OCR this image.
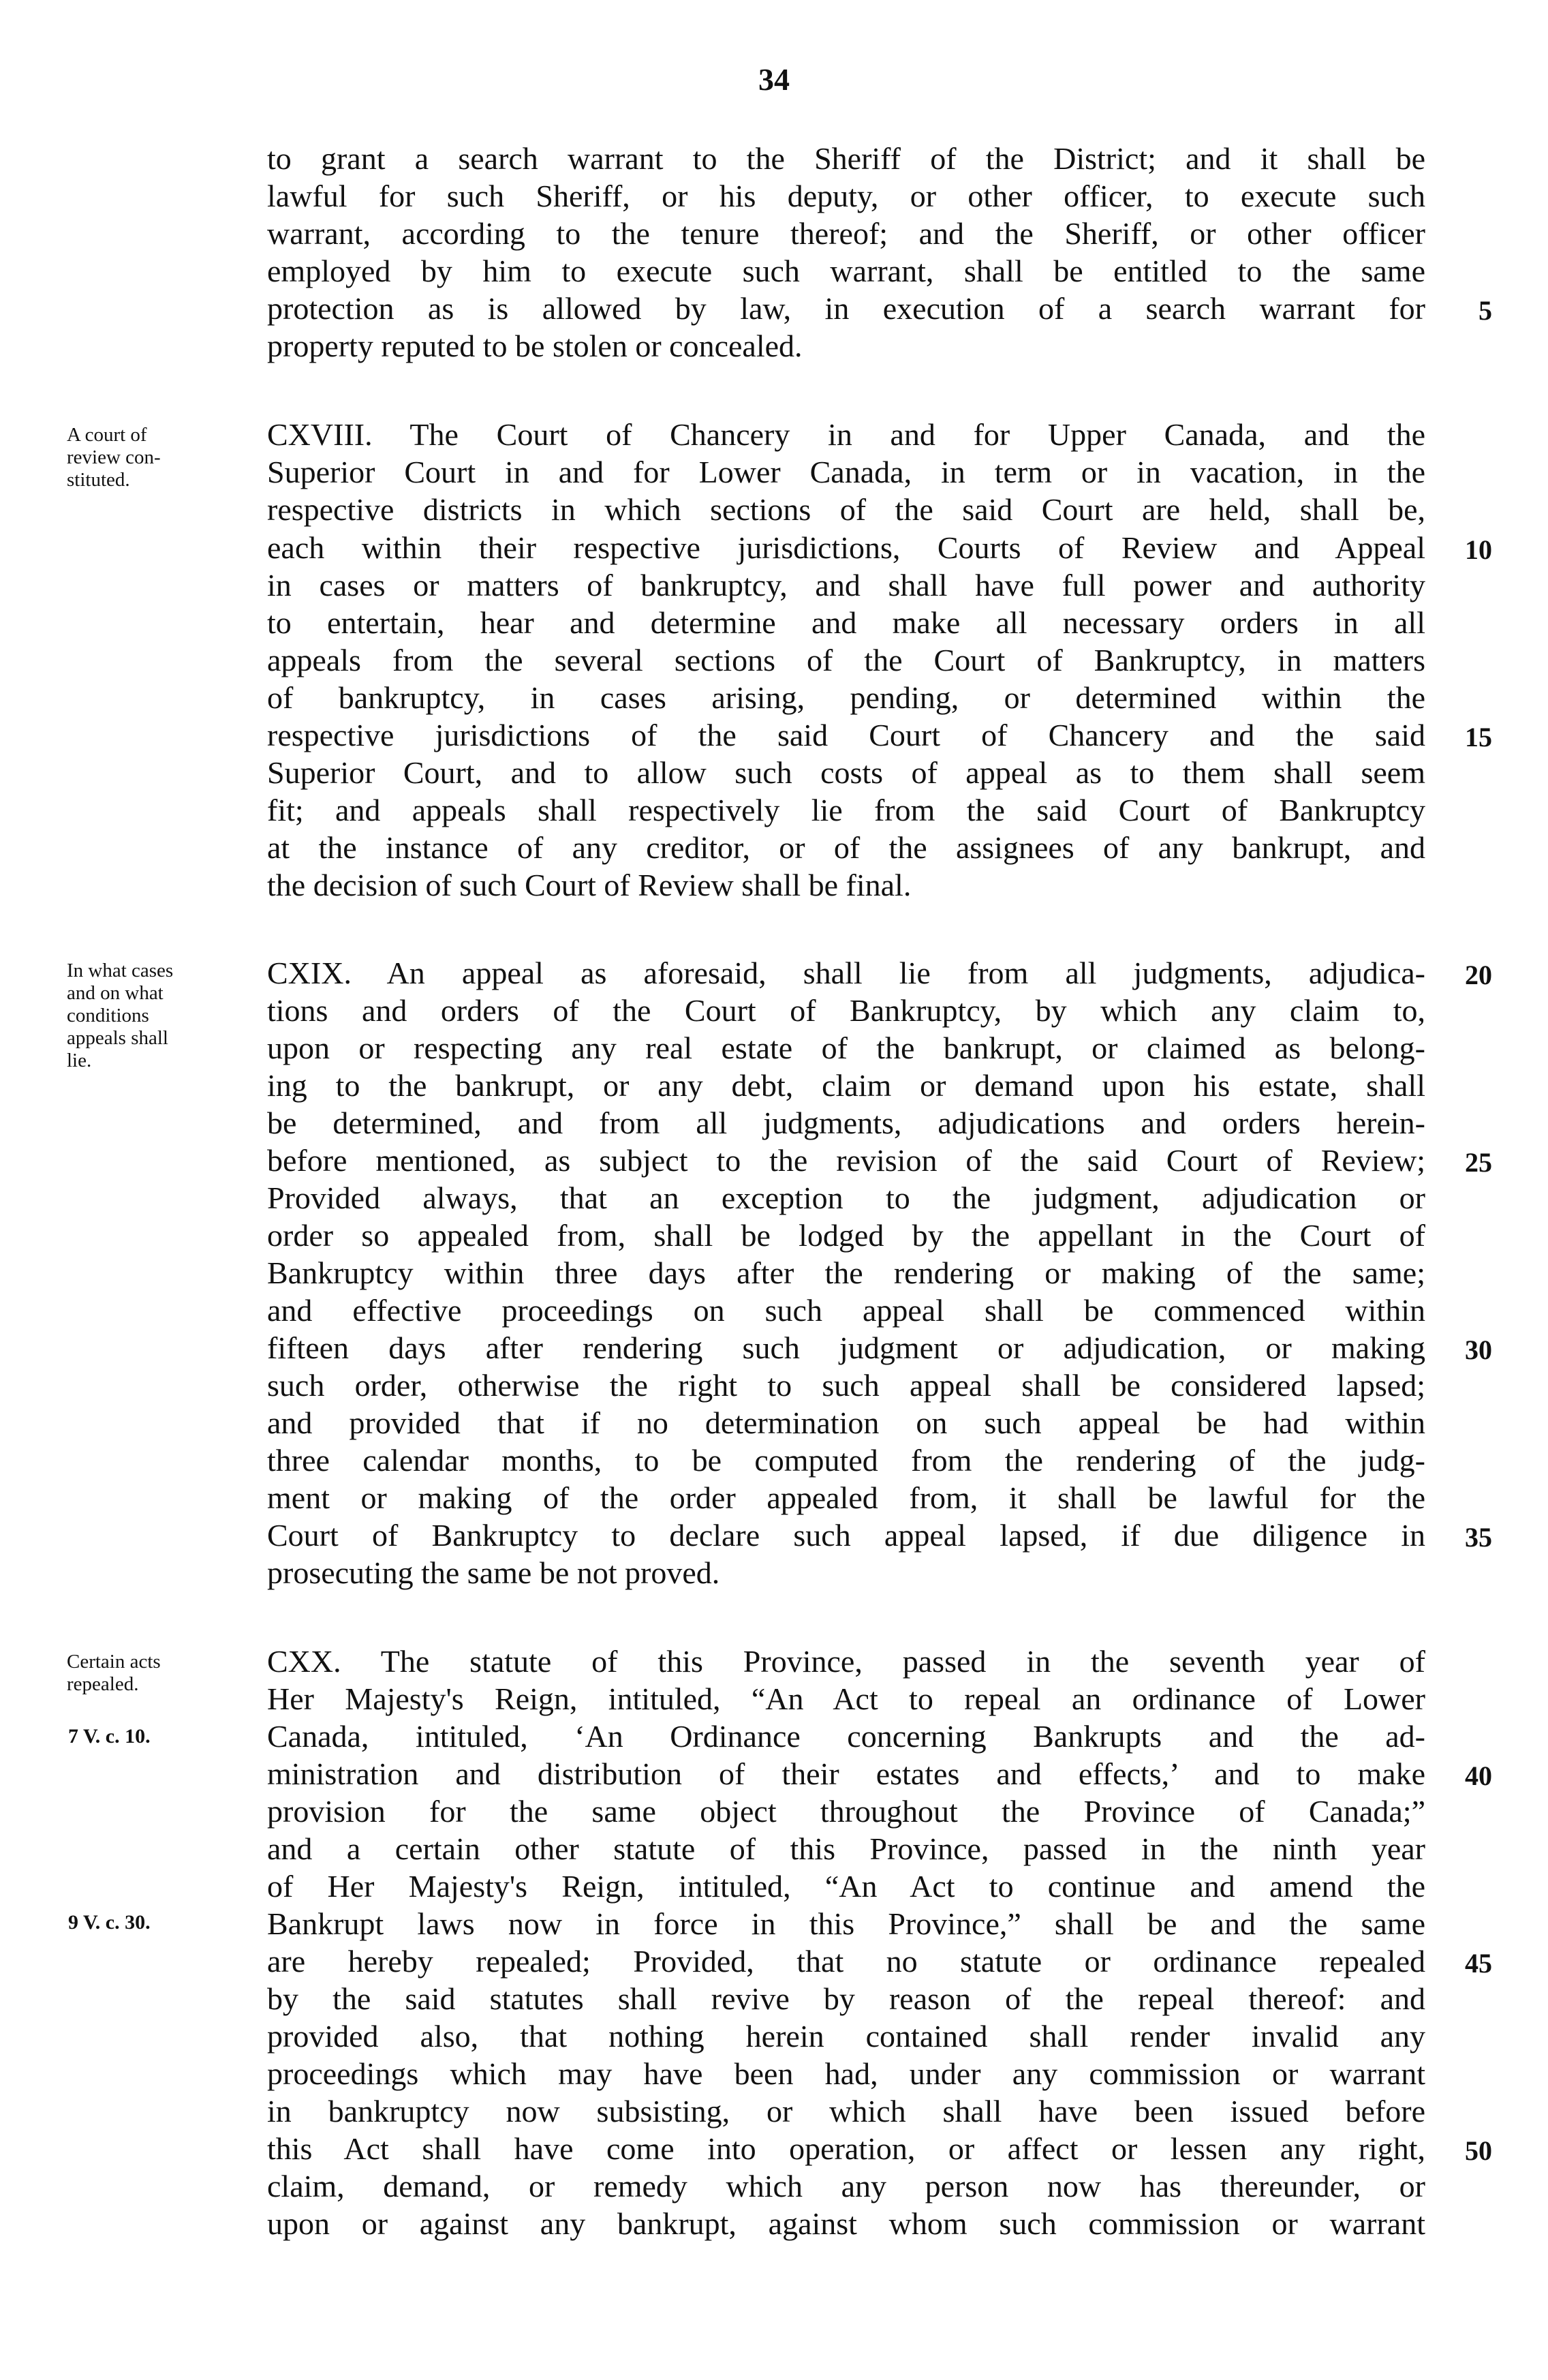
34
to grant a search warrant to the Sheriff of the District; and it shall be
lawful for such Sheriff, or his deputy, or other officer, to execute such
warrant, according to the tenure thereof; and the Sheriff, or other officer
employed by him to execute such warrant, shall be entitled to the same
protection as is allowed by law, in execution of a search warrant for	5
property reputed to be stolen or concealed.
A court of
review con-
stituted.
CXVIII. The Court of Chancery in and for Upper Canada, and the
Superior Court in and for Lower Canada, in term or in vacation, in the
respective districts in which sections of the said Court are held, shall be,
each within their respective jurisdictions, Courts of Review and Appeal	10
in cases or matters of bankruptcy, and shall have full power and authority
to entertain, hear and determine and make all necessary orders in all
appeals from the several sections of the Court of Bankruptcy, in matters
of bankruptcy, in cases arising, pending, or determined within the
respective jurisdictions of the said Court of Chancery and the said	15
Superior Court, and to allow such costs of appeal as to them shall seem
fit; and appeals shall respectively lie from the said Court of Bankruptcy
at the instance of any creditor, or of the assignees of any bankrupt, and
the decision of such Court of Review shall be final.
In what cases
and on what
conditions
appeals shall
lie.
CXIX. An appeal as aforesaid, shall lie from all judgments, adjudica-	20
tions and orders of the Court of Bankruptcy, by which any claim to,
upon or respecting any real estate of the bankrupt, or claimed as belong-
ing to the bankrupt, or any debt, claim or demand upon his estate, shall
be determined, and from all judgments, adjudications and orders herein-
before mentioned, as subject to the revision of the said Court of Review;	25
Provided always, that an exception to the judgment, adjudication or
order so appealed from, shall be lodged by the appellant in the Court of
Bankruptcy within three days after the rendering or making of the same;
and effective proceedings on such appeal shall be commenced within
fifteen days after rendering such judgment or adjudication, or making	30
such order, otherwise the right to such appeal shall be considered lapsed;
and provided that if no determination on such appeal be had within
three calendar months, to be computed from the rendering of the judg-
ment or making of the order appealed from, it shall be lawful for the
Court of Bankruptcy to declare such appeal lapsed, if due diligence in	35
prosecuting the same be not proved.
Certain acts
repealed.
7 V. c. 10.
9 V. c. 30.
CXX. The statute of this Province, passed in the seventh year of
Her Majesty's Reign, intituled, “An Act to repeal an ordinance of Lower
Canada, intituled, ‘An Ordinance concerning Bankrupts and the ad-
ministration and distribution of their estates and effects,’ and to make	40
provision for the same object throughout the Province of Canada;”
and a certain other statute of this Province, passed in the ninth year
of Her Majesty's Reign, intituled, “An Act to continue and amend the
Bankrupt laws now in force in this Province,” shall be and the same
are hereby repealed; Provided, that no statute or ordinance repealed	45
by the said statutes shall revive by reason of the repeal thereof: and
provided also, that nothing herein contained shall render invalid any
proceedings which may have been had, under any commission or warrant
in bankruptcy now subsisting, or which shall have been issued before
this Act shall have come into operation, or affect or lessen any right,	50
claim, demand, or remedy which any person now has thereunder, or
upon or against any bankrupt, against whom such commission or warrant
